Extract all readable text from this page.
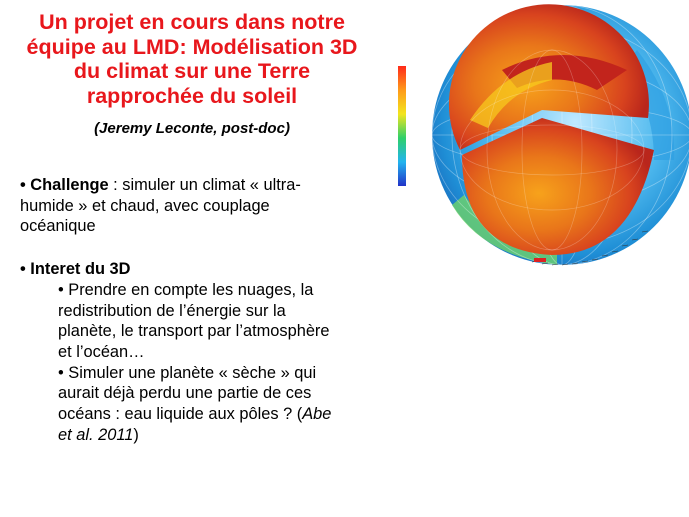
Un projet en cours dans notre
équipe au LMD: Modélisation 3D
du climat sur une Terre
rapprochée du soleil
(Jeremy Leconte, post-doc)
• Challenge : simuler un climat « ultra-
humide » et chaud, avec couplage
océanique
• Interet du 3D
• Prendre en compte les nuages, la
redistribution de l’énergie sur la
planète, le transport par l’atmosphère
et l’océan…
• Simuler une planète « sèche » qui
aurait déjà perdu une partie de ces
océans : eau liquide aux pôles ? (Abe
et al. 2011)
